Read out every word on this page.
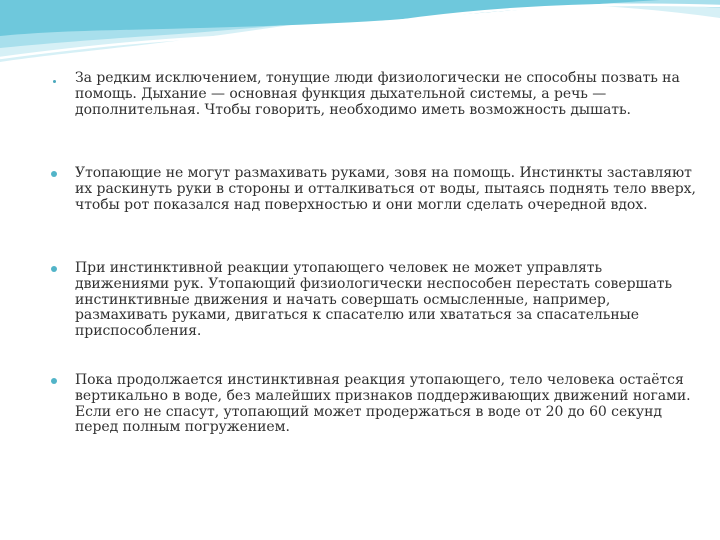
За редким исключением, тонущие люди физиологически не способны позвать на помощь. Дыхание — основная функция дыхательной системы, а речь — дополнительная. Чтобы говорить, необходимо иметь возможность дышать.

Утопающие не могут размахивать руками, зовя на помощь. Инстинкты заставляют их раскинуть руки в стороны и отталкиваться от воды, пытаясь поднять тело вверх, чтобы рот показался над поверхностью и они могли сделать очередной вдох.

При инстинктивной реакции утопающего человек не может управлять движениями рук. Утопающий физиологически неспособен перестать совершать инстинктивные движения и начать совершать осмысленные, например, размахивать руками, двигаться к спасателю или хвататься за спасательные приспособления.

Пока продолжается инстинктивная реакция утопающего, тело человека остаётся вертикально в воде, без малейших признаков поддерживающих движений ногами. Если его не спасут, утопающий может продержаться в воде от 20 до 60 секунд перед полным погружением.
